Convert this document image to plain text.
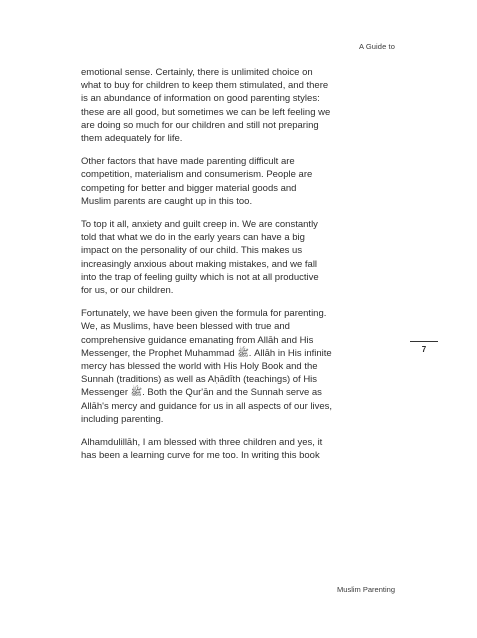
A Guide to

emotional sense. Certainly, there is unlimited choice on
what to buy for children to keep them stimulated, and there
is an abundance of information on good parenting styles:
these are all good, but sometimes we can be left feeling we
are doing so much for our children and still not preparing
them adequately for life.

Other factors that have made parenting difficult are
competition, materialism and consumerism. People are
competing for better and bigger material goods and
Muslim parents are caught up in this too.

To top it all, anxiety and guilt creep in. We are constantly
told that what we do in the early years can have a big
impact on the personality of our child. This makes us
increasingly anxious about making mistakes, and we fall
into the trap of feeling guilty which is not at all productive
for us, or our children.

Fortunately, we have been given the formula for parenting.
We, as Muslims, have been blessed with true and
comprehensive guidance emanating from Allāh and His
Messenger, the Prophet Muhammad ﷺ. Allāh in His infinite
mercy has blessed the world with His Holy Book and the
Sunnah (traditions) as well as Aḥādīth (teachings) of His
Messenger ﷺ. Both the Qur'ān and the Sunnah serve as
Allāh's mercy and guidance for us in all aspects of our lives,
including parenting.

Alhamdulillāh, I am blessed with three children and yes, it
has been a learning curve for me too. In writing this book

7
Muslim Parenting
